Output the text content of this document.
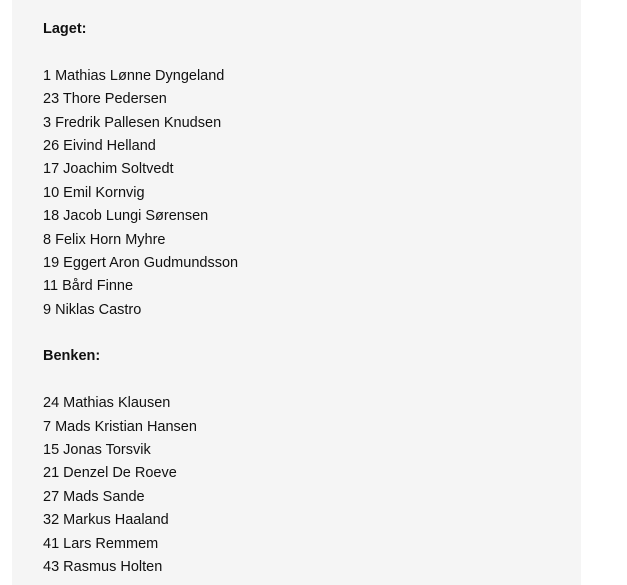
Laget:

1 Mathias Lønne Dyngeland
23 Thore Pedersen
3 Fredrik Pallesen Knudsen
26 Eivind Helland
17 Joachim Soltvedt
10 Emil Kornvig
18 Jacob Lungi Sørensen
8 Felix Horn Myhre
19 Eggert Aron Gudmundsson
11 Bård Finne
9 Niklas Castro

Benken:

24 Mathias Klausen
7 Mads Kristian Hansen
15 Jonas Torsvik
21 Denzel De Roeve
27 Mads Sande
32 Markus Haaland
41 Lars Remmem
43 Rasmus Holten
